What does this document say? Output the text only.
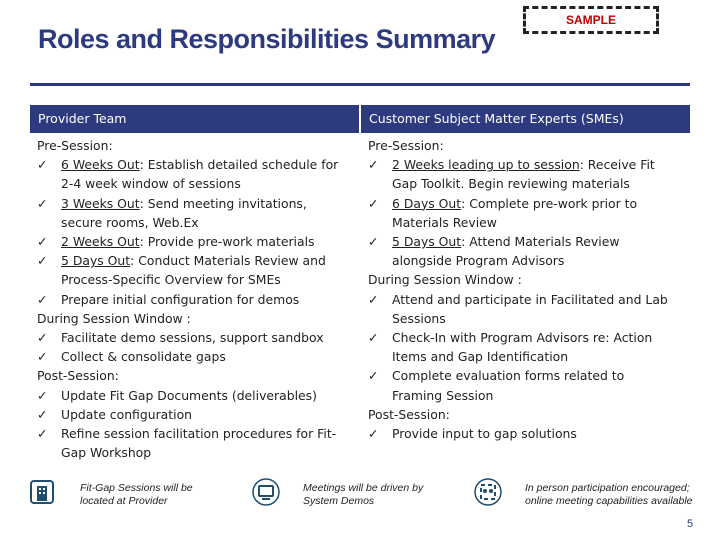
Roles and Responsibilities Summary
SAMPLE
Provider Team	Customer Subject Matter Experts (SMEs)
Pre-Session:
✓	6 Weeks Out: Establish detailed schedule for
2-4 week window of sessions
✓	3 Weeks Out: Send meeting invitations,
secure rooms, Web.Ex
✓	2 Weeks Out: Provide pre-work materials
✓	5 Days Out: Conduct Materials Review and
Process-Specific Overview for SMEs
✓	Prepare initial configuration for demos
During Session Window :
✓	Facilitate demo sessions, support sandbox
✓	Collect & consolidate gaps
Post-Session:
✓	Update Fit Gap Documents (deliverables)
✓	Update configuration
✓	Refine session facilitation procedures for Fit-
Gap Workshop
Pre-Session:
✓	2 Weeks leading up to session: Receive Fit
Gap Toolkit. Begin reviewing materials
✓	6 Days Out: Complete pre-work prior to
Materials Review
✓	5 Days Out: Attend Materials Review
alongside Program Advisors
During Session Window :
✓	Attend and participate in Facilitated and Lab
Sessions
✓	Check-In with Program Advisors re: Action
Items and Gap Identification
✓	Complete evaluation forms related to
Framing Session
Post-Session:
✓	Provide input to gap solutions
Fit-Gap Sessions will be
located at Provider
Meetings will be driven by
System Demos
In person participation encouraged;
online meeting capabilities available
5
